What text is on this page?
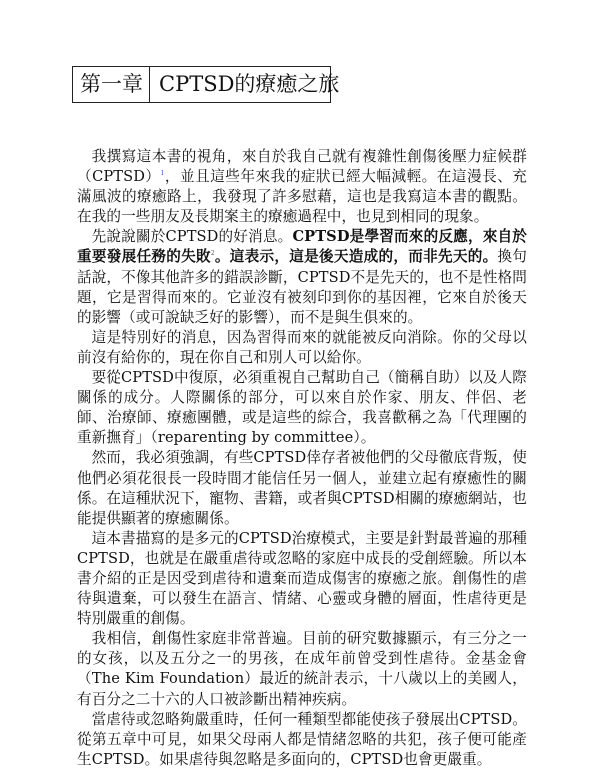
第一章 CPTSD的療癒之旅

我撰寫這本書的視角，來自於我自己就有複雜性創傷後壓力症候群（CPTSD）$^1$，並且這些年來我的症狀已經大幅減輕。在這漫長、充滿風波的療癒路上，我發現了許多慰藉，這也是我寫這本書的觀點。在我的一些朋友及長期案主的療癒過程中，也見到相同的現象。

先說說關於CPTSD的好消息。CPTSD是學習而來的反應，來自於重要發展任務的失敗$^2$。這表示，這是後天造成的，而非先天的。換句話說，不像其他許多的錯誤診斷，CPTSD不是先天的，也不是性格問題，它是習得而來的。它並沒有被刻印到你的基因裡，它來自於後天的影響（或可說缺乏好的影響），而不是與生俱來的。

這是特別好的消息，因為習得而來的就能被反向消除。你的父母以前沒有給你的，現在你自己和別人可以給你。

要從CPTSD中復原，必須重視自己幫助自己（簡稱自助）以及人際關係的成分。人際關係的部分，可以來自於作家、朋友、伴侶、老師、治療師、療癒團體，或是這些的綜合，我喜歡稱之為「代理團的重新撫育」（reparenting by committee）。

然而，我必須強調，有些CPTSD倖存者被他們的父母徹底背叛，使他們必須花很長一段時間才能信任另一個人，並建立起有療癒性的關係。在這種狀況下，寵物、書籍，或者與CPTSD相關的療癒網站，也能提供顯著的療癒關係。

這本書描寫的是多元的CPTSD治療模式，主要是針對最普遍的那種CPTSD，也就是在嚴重虐待或忽略的家庭中成長的受創經驗。所以本書介紹的正是因受到虐待和遺棄而造成傷害的療癒之旅。創傷性的虐待與遺棄，可以發生在語言、情緒、心靈或身體的層面，性虐待更是特別嚴重的創傷。

我相信，創傷性家庭非常普遍。目前的研究數據顯示，有三分之一的女孩，以及五分之一的男孩，在成年前曾受到性虐待。金基金會（The Kim Foundation）最近的統計表示，十八歲以上的美國人，有百分之二十六的人口被診斷出精神疾病。

當虐待或忽略夠嚴重時，任何一種類型都能使孩子發展出CPTSD。從第五章中可見，如果父母兩人都是情緒忽略的共犯，孩子便可能產生CPTSD。如果虐待與忽略是多面向的，CPTSD也會更嚴重。
